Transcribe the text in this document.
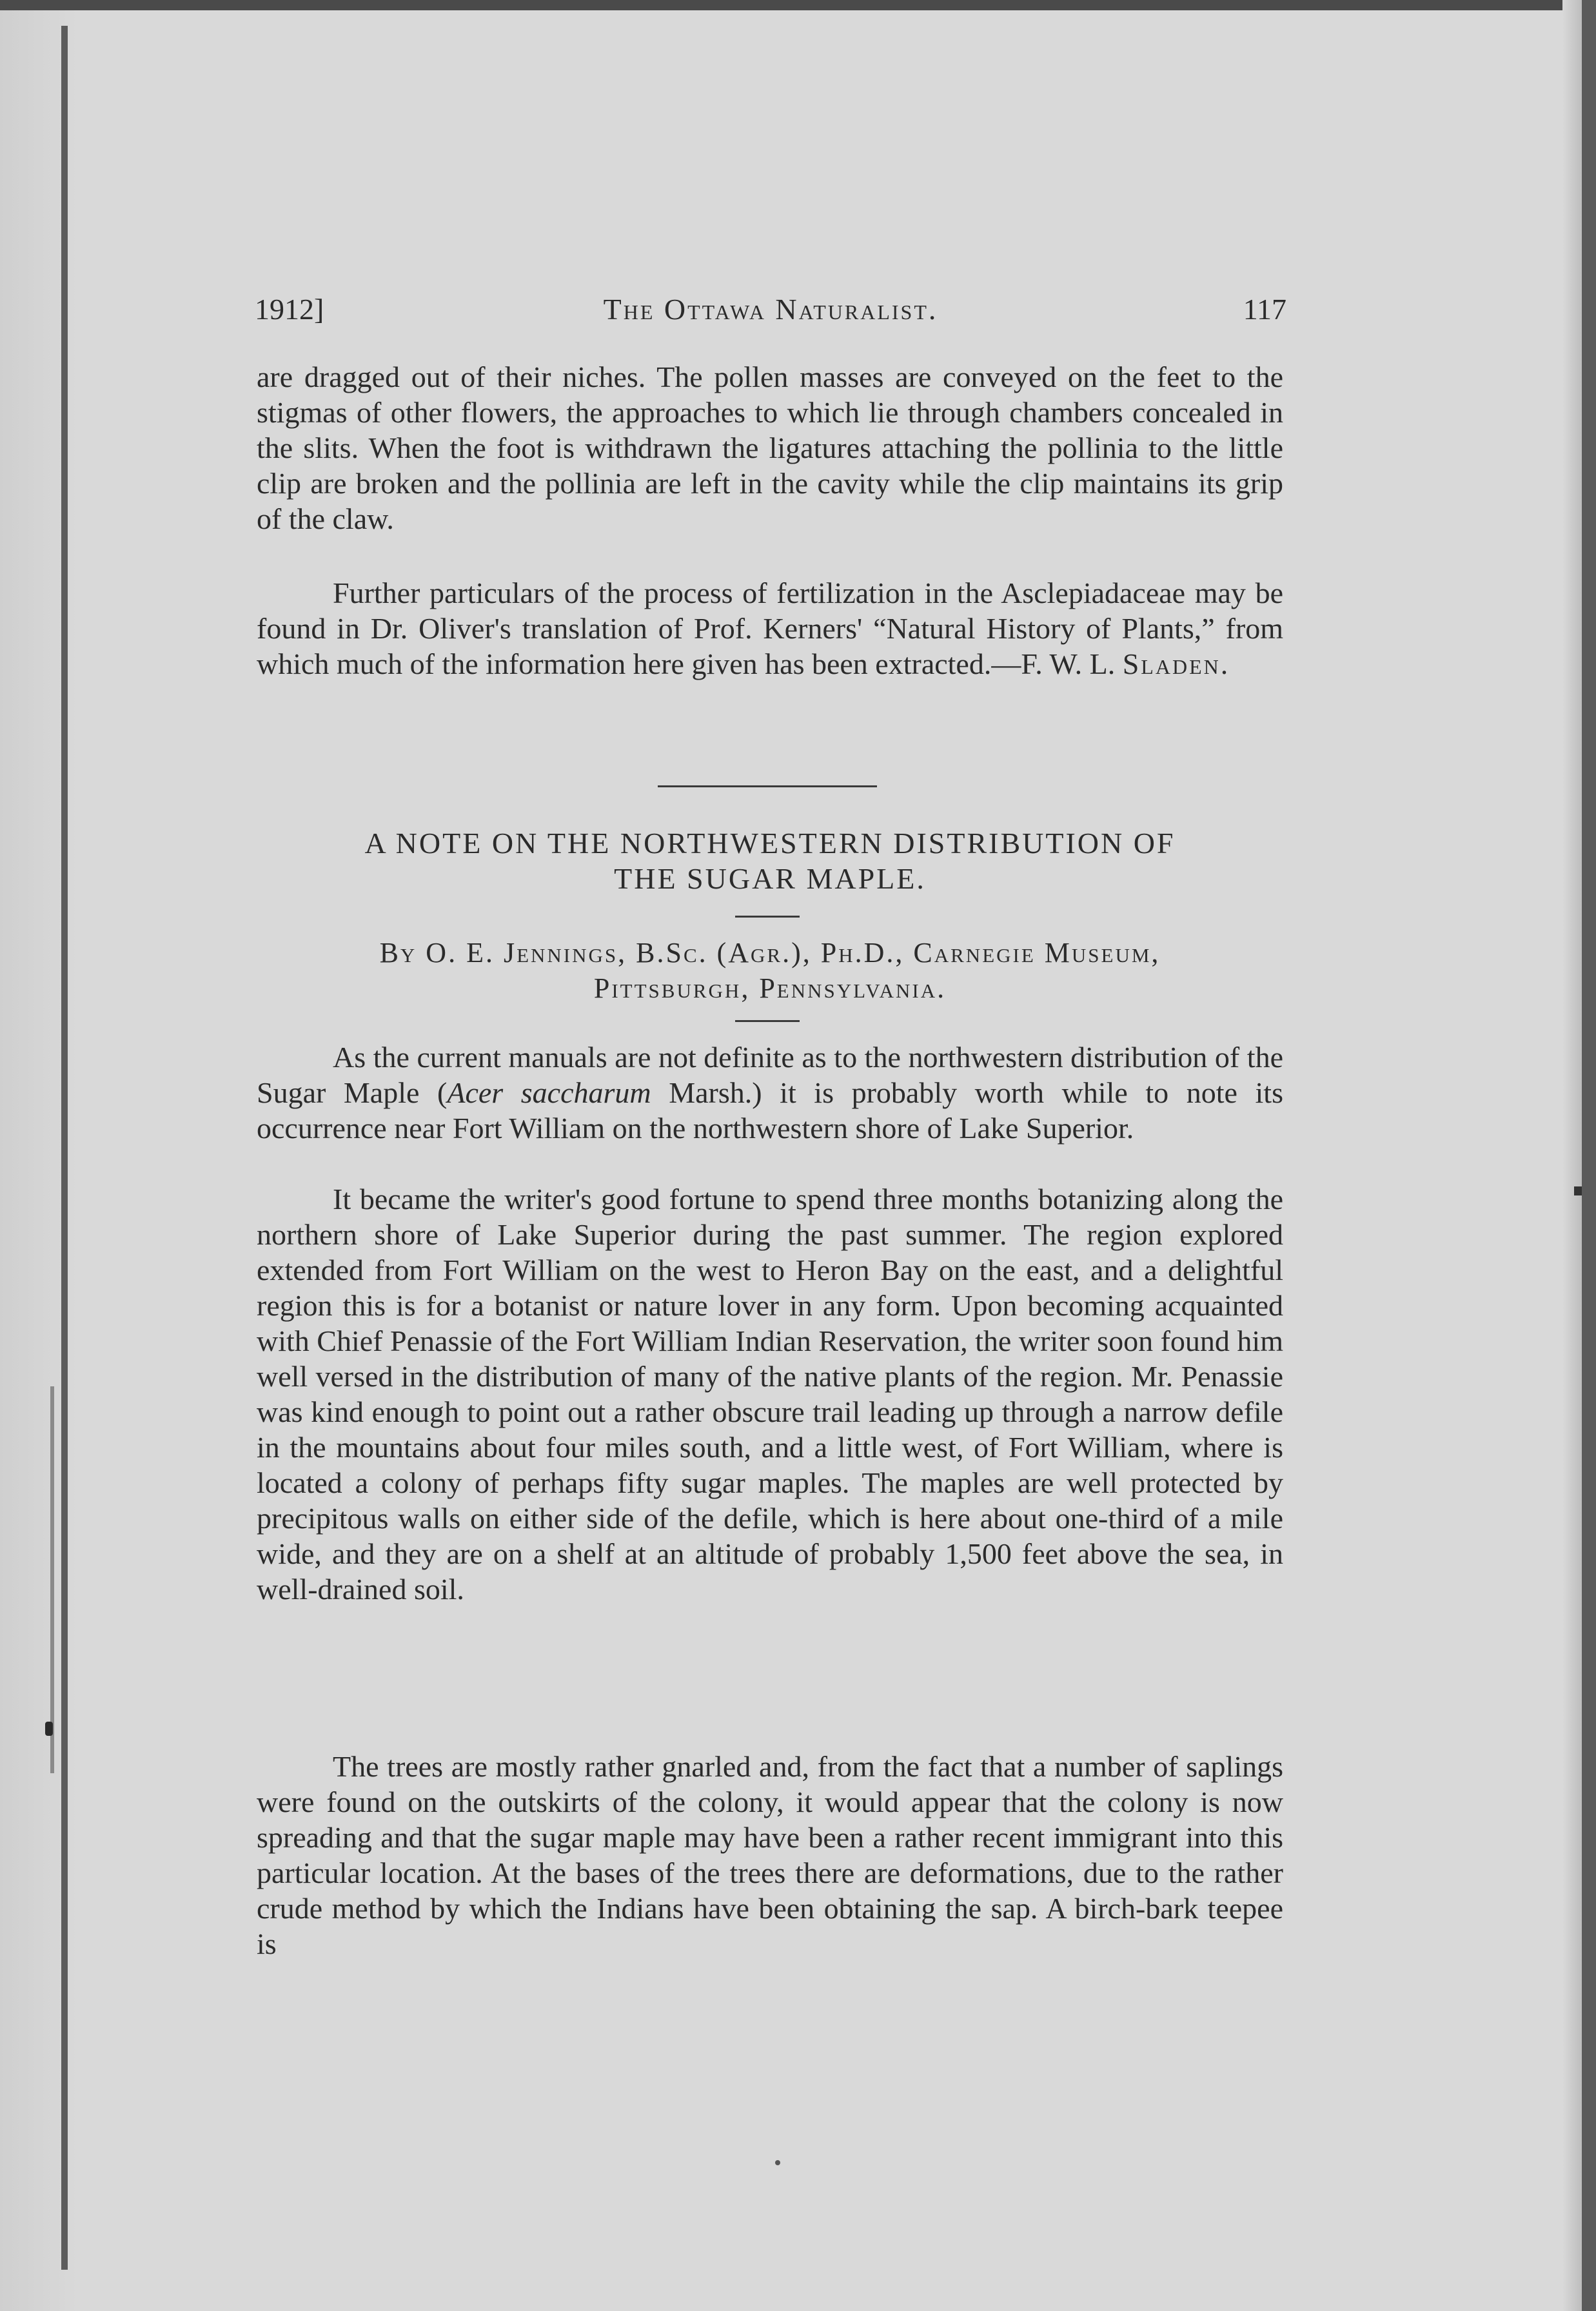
1912]	The Ottawa Naturalist.	117

are dragged out of their niches. The pollen masses are conveyed on the feet to the stigmas of other flowers, the approaches to which lie through chambers concealed in the slits. When the foot is withdrawn the ligatures attaching the pollinia to the little clip are broken and the pollinia are left in the cavity while the clip maintains its grip of the claw.

Further particulars of the process of fertilization in the Asclepiadaceae may be found in Dr. Oliver's translation of Prof. Kerners' “Natural History of Plants,” from which much of the information here given has been extracted.—F. W. L. Sladen.

A NOTE ON THE NORTHWESTERN DISTRIBUTION OF

THE SUGAR MAPLE.

By O. E. Jennings, B.Sc. (Agr.), Ph.D., Carnegie Museum,

Pittsburgh, Pennsylvania.

As the current manuals are not definite as to the northwestern distribution of the Sugar Maple (Acer saccharum Marsh.) it is probably worth while to note its occurrence near Fort William on the northwestern shore of Lake Superior.

It became the writer's good fortune to spend three months botanizing along the northern shore of Lake Superior during the past summer. The region explored extended from Fort William on the west to Heron Bay on the east, and a delightful region this is for a botanist or nature lover in any form. Upon becoming acquainted with Chief Penassie of the Fort William Indian Reservation, the writer soon found him well versed in the distribution of many of the native plants of the region. Mr. Penassie was kind enough to point out a rather obscure trail leading up through a narrow defile in the mountains about four miles south, and a little west, of Fort William, where is located a colony of perhaps fifty sugar maples. The maples are well protected by precipitous walls on either side of the defile, which is here about one-third of a mile wide, and they are on a shelf at an altitude of probably 1,500 feet above the sea, in well-drained soil.

The trees are mostly rather gnarled and, from the fact that a number of saplings were found on the outskirts of the colony, it would appear that the colony is now spreading and that the sugar maple may have been a rather recent immigrant into this particular location. At the bases of the trees there are deformations, due to the rather crude method by which the Indians have been obtaining the sap. A birch-bark teepee is
